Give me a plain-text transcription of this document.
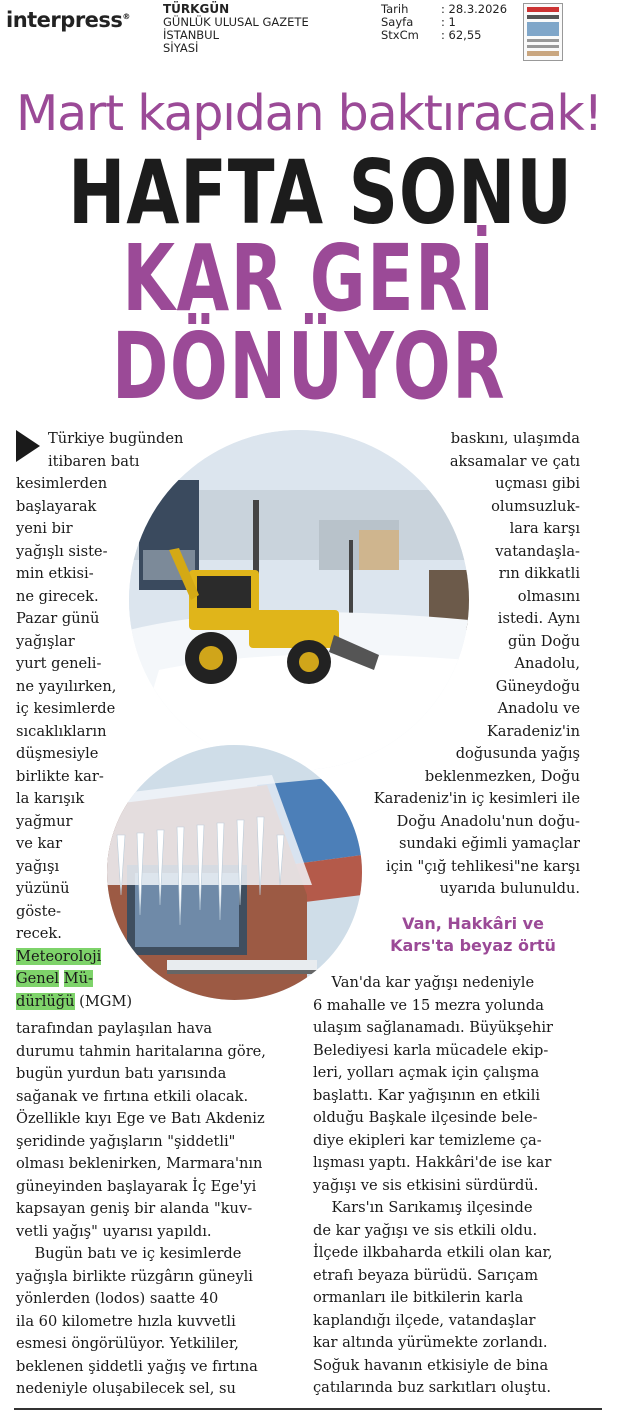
interpress®
TÜRKGÜN
GÜNLÜK ULUSAL GAZETE
İSTANBUL
SİYASİ
Tarih	: 28.3.2026
Sayfa	: 1
StxCm	: 62,55
Mart kapıdan baktıracak!
HAFTA SONU
KAR GERİ
DÖNÜYOR
Türkiye bugünden
itibaren batı
kesimlerden
başlayarak
yeni bir
yağışlı siste-
min etkisi-
ne girecek.
Pazar günü
yağışlar
yurt geneli-
ne yayılırken,
iç kesimlerde
sıcaklıkların
düşmesiyle
birlikte kar-
la karışık
yağmur
ve kar
yağışı
yüzünü
göste-
recek.
Meteoroloji
Genel Mü-
dürlüğü (MGM)
tarafından paylaşılan hava
durumu tahmin haritalarına göre,
bugün yurdun batı yarısında
sağanak ve fırtına etkili olacak.
Özellikle kıyı Ege ve Batı Akdeniz
şeridinde yağışların "şiddetli"
olması beklenirken, Marmara'nın
güneyinden başlayarak İç Ege'yi
kapsayan geniş bir alanda "kuv-
vetli yağış" uyarısı yapıldı.
Bugün batı ve iç kesimlerde
yağışla birlikte rüzgârın güneyli
yönlerden (lodos) saatte 40
ila 60 kilometre hızla kuvvetli
esmesi öngörülüyor. Yetkililer,
beklenen şiddetli yağış ve fırtına
nedeniyle oluşabilecek sel, su
baskını, ulaşımda
aksamalar ve çatı
uçması gibi
olumsuzluk-
lara karşı
vatandaşla-
rın dikkatli
olmasını
istedi. Aynı
gün Doğu
Anadolu,
Güneydoğu
Anadolu ve
Karadeniz'in
doğusunda yağış
beklenmezken, Doğu
Karadeniz'in iç kesimleri ile
Doğu Anadolu'nun doğu-
sundaki eğimli yamaçlar
için "çığ tehlikesi"ne karşı
uyarıda bulunuldu.
Van, Hakkâri ve
Kars'ta beyaz örtü
Van'da kar yağışı nedeniyle
6 mahalle ve 15 mezra yolunda
ulaşım sağlanamadı. Büyükşehir
Belediyesi karla mücadele ekip-
leri, yolları açmak için çalışma
başlattı. Kar yağışının en etkili
olduğu Başkale ilçesinde bele-
diye ekipleri kar temizleme ça-
lışması yaptı. Hakkâri'de ise kar
yağışı ve sis etkisini sürdürdü.
Kars'ın Sarıkamış ilçesinde
de kar yağışı ve sis etkili oldu.
İlçede ilkbaharda etkili olan kar,
etrafı beyaza bürüdü. Sarıçam
ormanları ile bitkilerin karla
kaplandığı ilçede, vatandaşlar
kar altında yürümekte zorlandı.
Soğuk havanın etkisiyle de bina
çatılarında buz sarkıtları oluştu.
